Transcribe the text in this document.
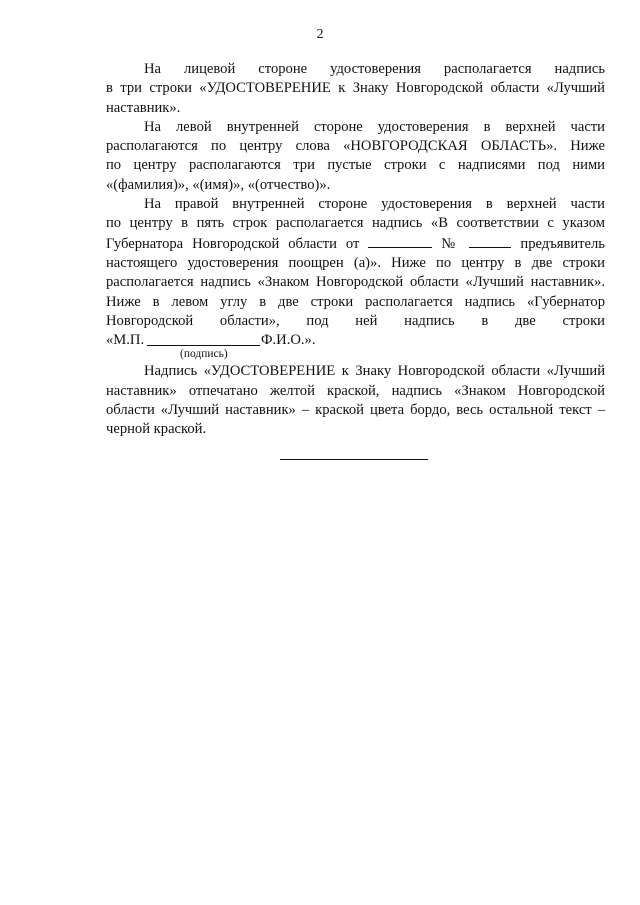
2
На лицевой стороне удостоверения располагается надпись
в три строки «УДОСТОВЕРЕНИЕ к Знаку Новгородской области «Лучший
наставник».
На левой внутренней стороне удостоверения в верхней части
располагаются по центру слова «НОВГОРОДСКАЯ ОБЛАСТЬ». Ниже
по центру располагаются три пустые строки с надписями под ними
«(фамилия)», «(имя)», «(отчество)».
На правой внутренней стороне удостоверения в верхней части
по центру в пять строк располагается надпись «В соответствии с указом
Губернатора Новгородской области от	№	предъявитель
настоящего удостоверения поощрен (а)». Ниже по центру в две строки
располагается надпись «Знаком Новгородской области «Лучший наставник».
Ниже в левом углу в две строки располагается надпись «Губернатор
Новгородской области», под ней надпись в две строки
«М.П.	Ф.И.О.».
(подпись)
Надпись «УДОСТОВЕРЕНИЕ к Знаку Новгородской области «Лучший
наставник» отпечатано желтой краской, надпись «Знаком Новгородской
области «Лучший наставник» – краской цвета бордо, весь остальной текст –
черной краской.
